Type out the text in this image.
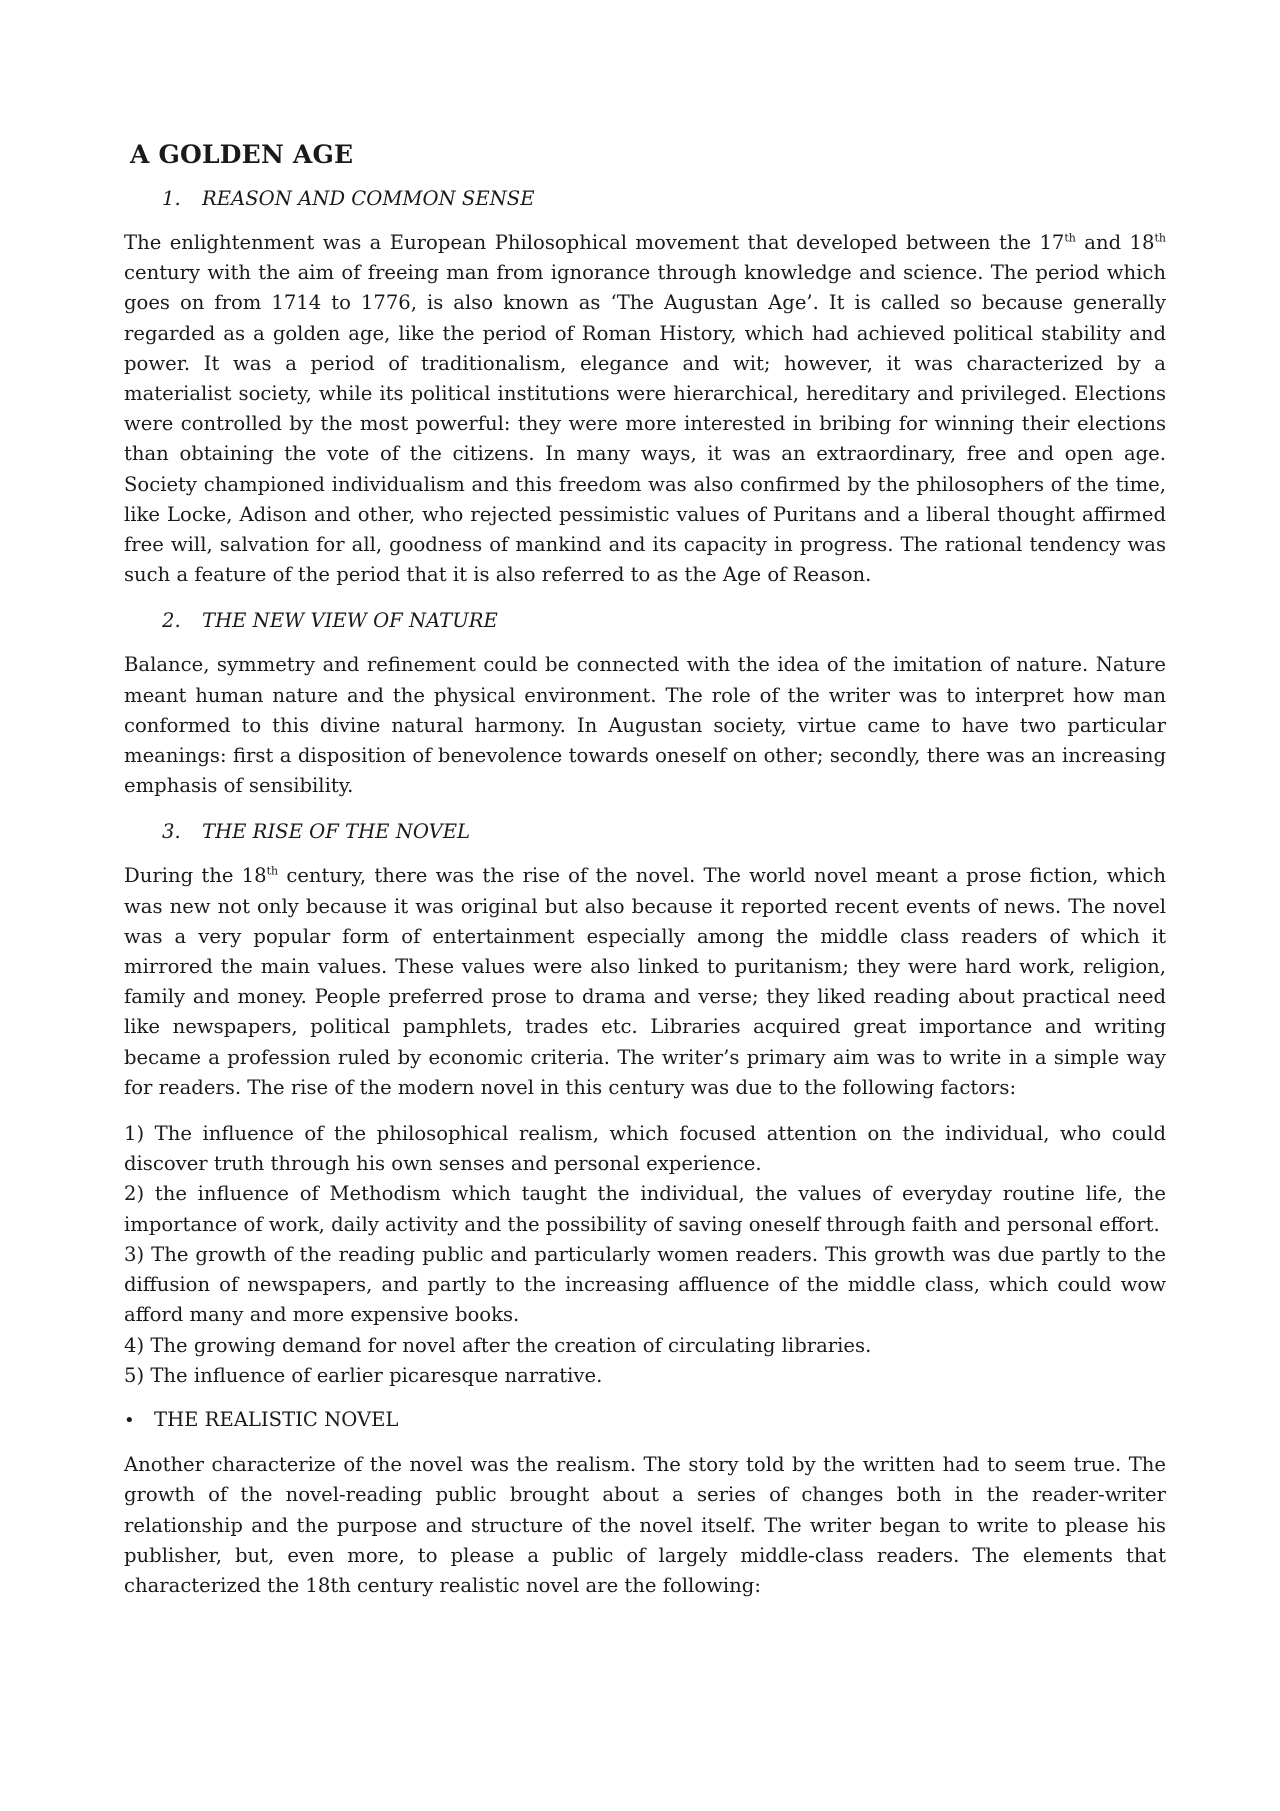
A GOLDEN AGE
1.	REASON AND COMMON SENSE

The enlightenment was a European Philosophical movement that developed between the 17th and 18th century with the aim of freeing man from ignorance through knowledge and science. The period which goes on from 1714 to 1776, is also known as ‘The Augustan Age’. It is called so because generally regarded as a golden age, like the period of Roman History, which had achieved political stability and power. It was a period of traditionalism, elegance and wit; however, it was characterized by a materialist society, while its political institutions were hierarchical, hereditary and privileged. Elections were controlled by the most powerful: they were more interested in bribing for winning their elections than obtaining the vote of the citizens. In many ways, it was an extraordinary, free and open age. Society championed individualism and this freedom was also confirmed by the philosophers of the time, like Locke, Adison and other, who rejected pessimistic values of Puritans and a liberal thought affirmed free will, salvation for all, goodness of mankind and its capacity in progress. The rational tendency was such a feature of the period that it is also referred to as the Age of Reason.

2.	THE NEW VIEW OF NATURE

Balance, symmetry and refinement could be connected with the idea of the imitation of nature. Nature meant human nature and the physical environment. The role of the writer was to interpret how man conformed to this divine natural harmony. In Augustan society, virtue came to have two particular meanings: first a disposition of benevolence towards oneself on other; secondly, there was an increasing emphasis of sensibility.

3.	THE RISE OF THE NOVEL

During the 18th century, there was the rise of the novel. The world novel meant a prose fiction, which was new not only because it was original but also because it reported recent events of news. The novel was a very popular form of entertainment especially among the middle class readers of which it mirrored the main values. These values were also linked to puritanism; they were hard work, religion, family and money. People preferred prose to drama and verse; they liked reading about practical need like newspapers, political pamphlets, trades etc. Libraries acquired great importance and writing became a profession ruled by economic criteria. The writer’s primary aim was to write in a simple way for readers. The rise of the modern novel in this century was due to the following factors:

1) The influence of the philosophical realism, which focused attention on the individual, who could discover truth through his own senses and personal experience.
2) the influence of Methodism which taught the individual, the values of everyday routine life, the importance of work, daily activity and the possibility of saving oneself through faith and personal effort.
3) The growth of the reading public and particularly women readers. This growth was due partly to the diffusion of newspapers, and partly to the increasing affluence of the middle class, which could wow afford many and more expensive books.
4) The growing demand for novel after the creation of circulating libraries.
5) The influence of earlier picaresque narrative.
• THE REALISTIC NOVEL

Another characterize of the novel was the realism. The story told by the written had to seem true. The growth of the novel-reading public brought about a series of changes both in the reader-writer relationship and the purpose and structure of the novel itself. The writer began to write to please his publisher, but, even more, to please a public of largely middle-class readers. The elements that characterized the 18th century realistic novel are the following:
